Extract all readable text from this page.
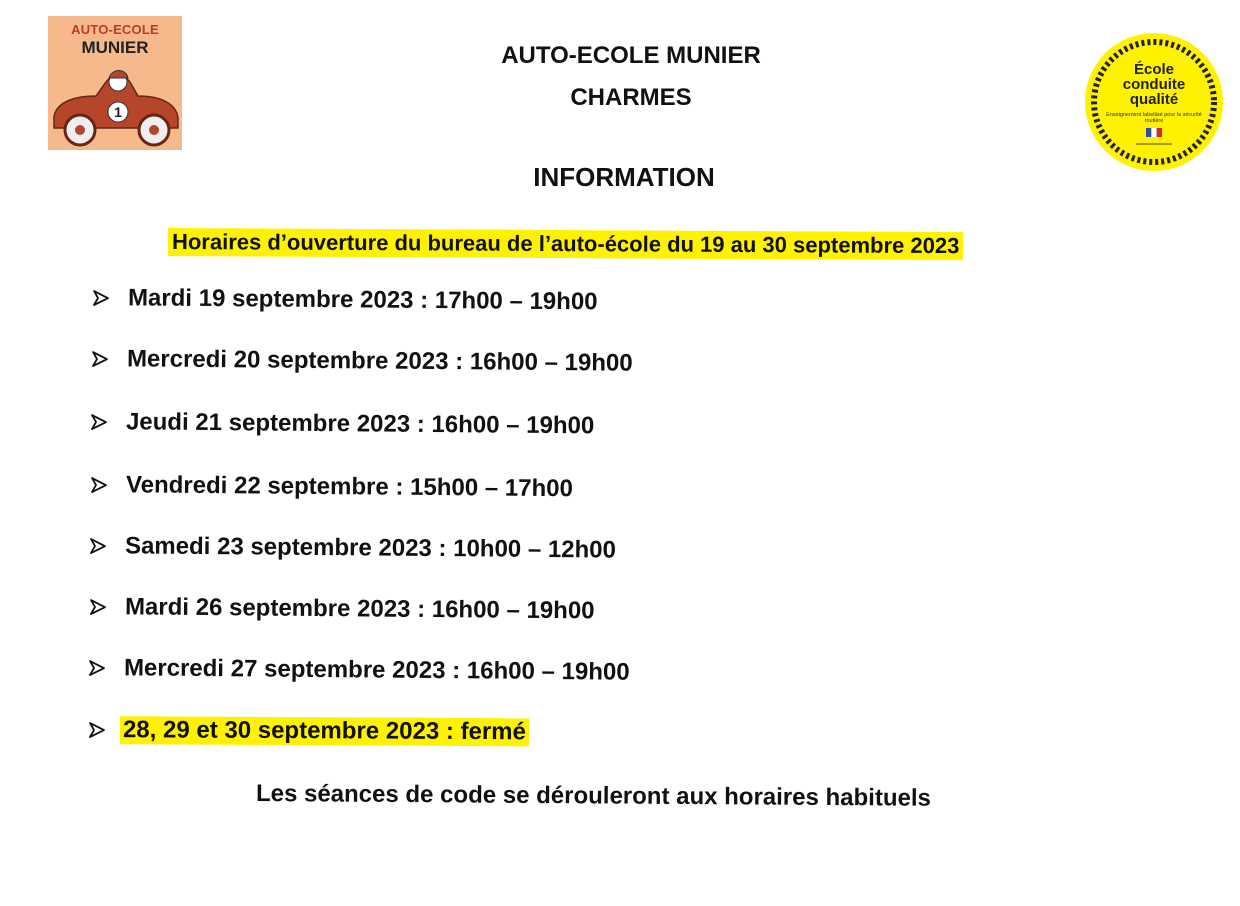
AUTO-ECOLE
MUNIER
1
AUTO-ECOLE MUNIER
CHARMES
INFORMATION
École
conduite
qualité
Enseignement labellisé pour la sécurité routière
Horaires d’ouverture du bureau de l’auto-école du 19 au 30 septembre 2023
Mardi 19 septembre 2023 : 17h00 – 19h00
Mercredi 20 septembre 2023 : 16h00 – 19h00
Jeudi 21 septembre 2023 : 16h00 – 19h00
Vendredi 22 septembre : 15h00 – 17h00
Samedi 23 septembre 2023 : 10h00 – 12h00
Mardi 26 septembre 2023 : 16h00 – 19h00
Mercredi 27 septembre 2023 : 16h00 – 19h00
28, 29 et 30 septembre 2023 : fermé
Les séances de code se dérouleront aux horaires habituels
